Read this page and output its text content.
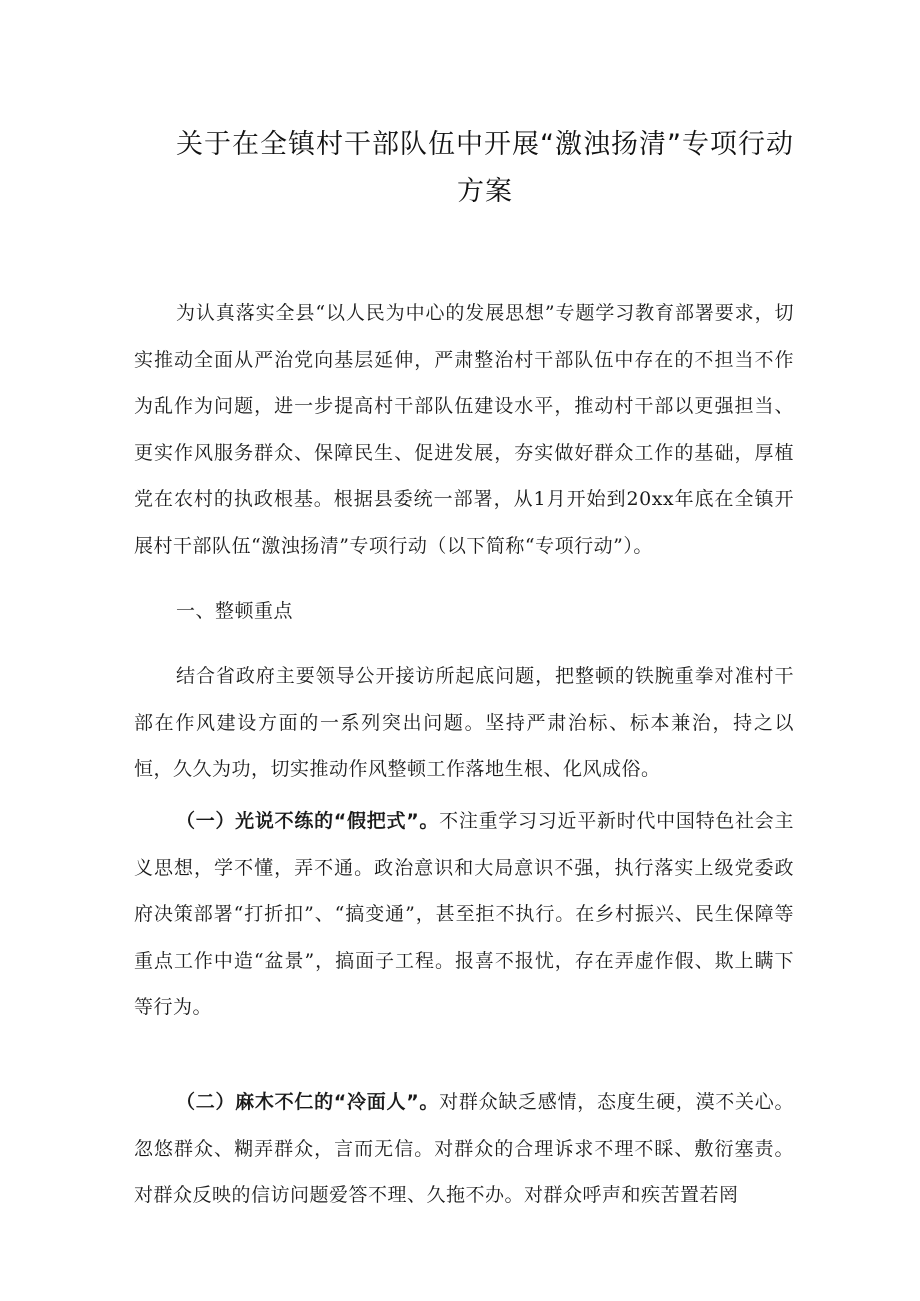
关于在全镇村干部队伍中开展“激浊扬清”专项行动
方案
为认真落实全县“以人民为中心的发展思想”专题学习教育部署要求，切实推动全面从严治党向基层延伸，严肃整治村干部队伍中存在的不担当不作为乱作为问题，进一步提高村干部队伍建设水平，推动村干部以更强担当、更实作风服务群众、保障民生、促进发展，夯实做好群众工作的基础，厚植党在农村的执政根基。根据县委统一部署，从1月开始到20xx年底在全镇开展村干部队伍“激浊扬清”专项行动（以下简称“专项行动”）。
一、整顿重点
结合省政府主要领导公开接访所起底问题，把整顿的铁腕重拳对准村干部在作风建设方面的一系列突出问题。坚持严肃治标、标本兼治，持之以恒，久久为功，切实推动作风整顿工作落地生根、化风成俗。
（一）光说不练的“假把式”。不注重学习习近平新时代中国特色社会主义思想，学不懂，弄不通。政治意识和大局意识不强，执行落实上级党委政府决策部署“打折扣”、“搞变通”，甚至拒不执行。在乡村振兴、民生保障等重点工作中造“盆景”，搞面子工程。报喜不报忧，存在弄虚作假、欺上瞒下等行为。
（二）麻木不仁的“冷面人”。对群众缺乏感情，态度生硬，漠不关心。忽悠群众、糊弄群众，言而无信。对群众的合理诉求不理不睬、敷衍塞责。对群众反映的信访问题爱答不理、久拖不办。对群众呼声和疾苦置若罔
